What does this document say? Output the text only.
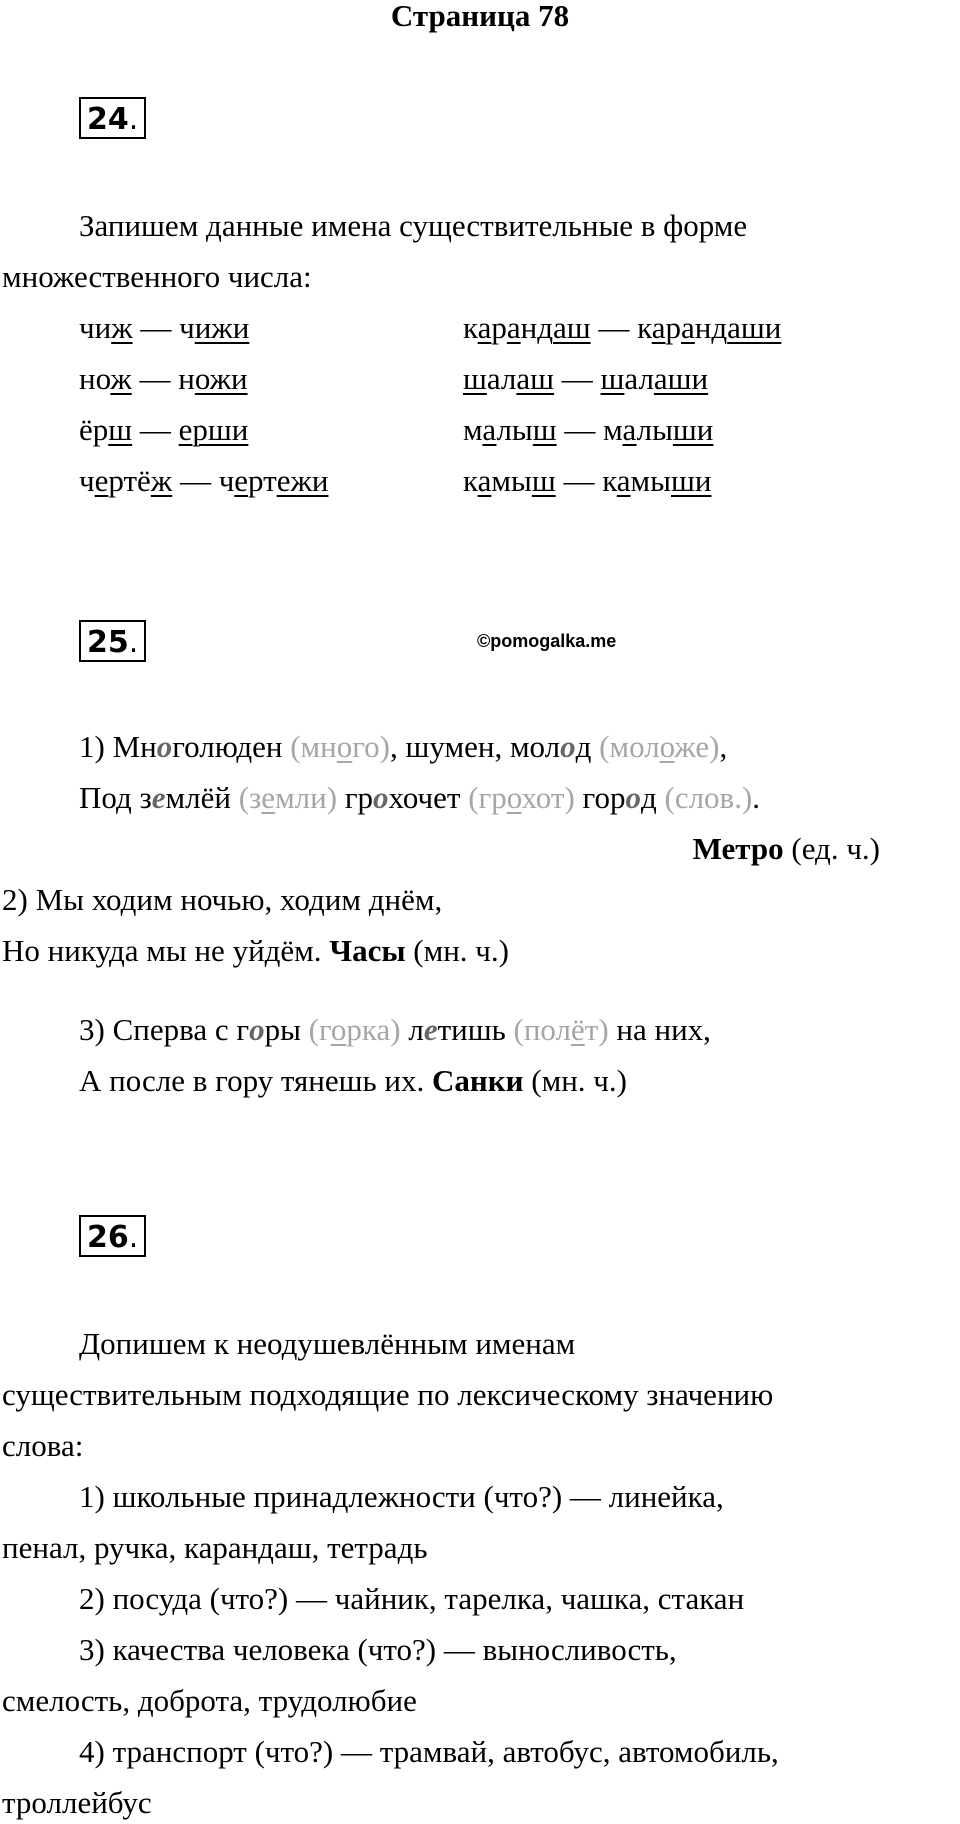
Страница 78
24.
Запишем данные имена существительные в форме
множественного числа:
чиж — чижи	карандаш — карандаши
нож — ножи	шалаш — шалаши
ёрш — ерши	малыш — малыши
чертёж — чертежи	камыш — камыши
25.	©pomogalka.me
1) Многолюден (много), шумен, молод (моложе),
Под землёй (земли) грохочет (грохот) город (слов.).
Метро (ед. ч.)
2) Мы ходим ночью, ходим днём,
Но никуда мы не уйдём. Часы (мн. ч.)
3) Сперва с горы (горка) летишь (полёт) на них,
А после в гору тянешь их. Санки (мн. ч.)
26.
Допишем к неодушевлённым именам
существительным подходящие по лексическому значению
слова:
1) школьные принадлежности (что?) — линейка,
пенал, ручка, карандаш, тетрадь
2) посуда (что?) — чайник, тарелка, чашка, стакан
3) качества человека (что?) — выносливость,
смелость, доброта, трудолюбие
4) транспорт (что?) — трамвай, автобус, автомобиль,
троллейбус
